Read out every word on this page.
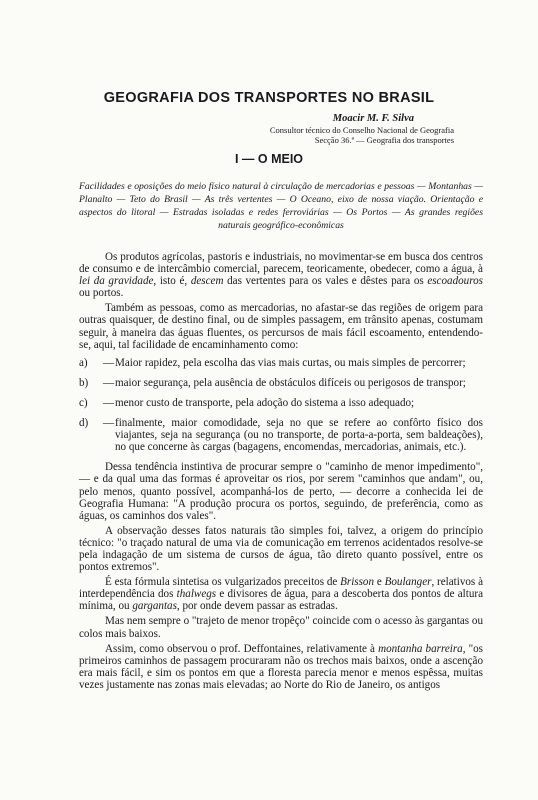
GEOGRAFIA DOS TRANSPORTES NO BRASIL
Moacir M. F. Silva
Consultor técnico do Conselho Nacional de Geografia
Secção 36.ª — Geografia dos transportes
I — O MEIO

Facilidades e oposições do meio físico natural à circulação de mercadorias e pessoas — Montanhas — Planalto — Teto do Brasil — As três vertentes — O Oceano, eixo de nossa viação. Orientação e aspectos do litoral — Estradas isoladas e redes ferroviárias — Os Portos — As grandes regiões naturais geográfico-econômicas

Os produtos agrícolas, pastoris e industriais, no movimentar-se em busca dos centros de consumo e de intercâmbio comercial, parecem, teoricamente, obedecer, como a água, à lei da gravidade, isto é, descem das vertentes para os vales e dêstes para os escoadouros ou portos.

Também as pessoas, como as mercadorias, no afastar-se das regiões de origem para outras quaisquer, de destino final, ou de simples passagem, em trânsito apenas, costumam seguir, à maneira das águas fluentes, os percursos de mais fácil escoamento, entendendo-se, aqui, tal facilidade de encaminhamento como:

a)	— Maior rapidez, pela escolha das vias mais curtas, ou mais simples de percorrer;
b)	— maior segurança, pela ausência de obstáculos difíceis ou perigosos de transpor;
c)	— menor custo de transporte, pela adoção do sistema a isso adequado;
d)	— finalmente, maior comodidade, seja no que se refere ao confôrto físico dos viajantes, seja na segurança (ou no transporte, de porta-a-porta, sem baldeações), no que concerne às cargas (bagagens, encomendas, mercadorias, animais, etc.).

Dessa tendência instintiva de procurar sempre o "caminho de menor impedimento", — e da qual uma das formas é aproveitar os rios, por serem "caminhos que andam", ou, pelo menos, quanto possível, acompanhá-los de perto, — decorre a conhecida lei de Geografia Humana: "A produção procura os portos, seguindo, de preferência, como as águas, os caminhos dos vales".

A observação desses fatos naturais tão simples foi, talvez, a origem do princípio técnico: "o traçado natural de uma via de comunicação em terrenos acidentados resolve-se pela indagação de um sistema de cursos de água, tão direto quanto possível, entre os pontos extremos".

É esta fórmula sintetisa os vulgarizados preceitos de Brisson e Boulanger, relativos à interdependência dos thalwegs e divisores de água, para a descoberta dos pontos de altura mínima, ou gargantas, por onde devem passar as estradas.

Mas nem sempre o "trajeto de menor tropêço" coincide com o acesso às gargantas ou colos mais baixos.

Assim, como observou o prof. Deffontaines, relativamente à montanha barreira, "os primeiros caminhos de passagem procuraram não os trechos mais baixos, onde a ascenção era mais fácil, e sim os pontos em que a floresta parecia menor e menos espêssa, muitas vezes justamente nas zonas mais elevadas; ao Norte do Rio de Janeiro, os antigos
